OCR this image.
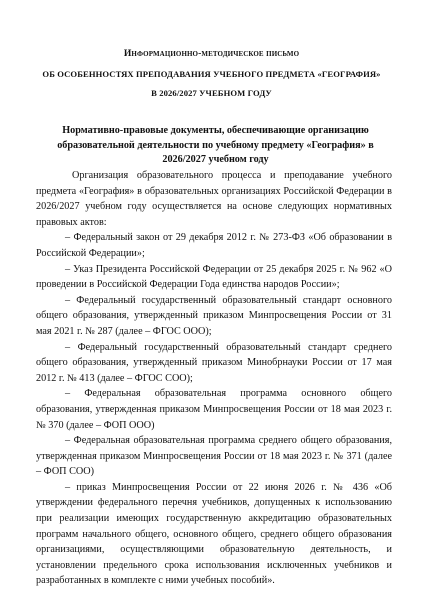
Информационно-методическое письмо
ОБ ОСОБЕННОСТЯХ ПРЕПОДАВАНИЯ УЧЕБНОГО ПРЕДМЕТА «ГЕОГРАФИЯ»
В 2026/2027 УЧЕБНОМ ГОДУ
Нормативно-правовые документы, обеспечивающие организацию образовательной деятельности по учебному предмету «География» в 2026/2027 учебном году

Организация образовательного процесса и преподавание учебного предмета «География» в образовательных организациях Российской Федерации в 2026/2027 учебном году осуществляется на основе следующих нормативных правовых актов:

– Федеральный закон от 29 декабря 2012 г. № 273-ФЗ «Об образовании в Российской Федерации»;

– Указ Президента Российской Федерации от 25 декабря 2025 г. № 962 «О проведении в Российской Федерации Года единства народов России»;

– Федеральный государственный образовательный стандарт основного общего образования, утвержденный приказом Минпросвещения России от 31 мая 2021 г. № 287 (далее – ФГОС ООО);

– Федеральный государственный образовательный стандарт среднего общего образования, утвержденный приказом Минобрнауки России от 17 мая 2012 г. № 413 (далее – ФГОС СОО);

– Федеральная образовательная программа основного общего образования, утвержденная приказом Минпросвещения России от 18 мая 2023 г. № 370 (далее – ФОП ООО)

– Федеральная образовательная программа среднего общего образования, утвержденная приказом Минпросвещения России от 18 мая 2023 г. № 371 (далее – ФОП СОО)

– приказ Минпросвещения России от 22 июня 2026 г. № 436 «Об утверждении федерального перечня учебников, допущенных к использованию при реализации имеющих государственную аккредитацию образовательных программ начального общего, основного общего, среднего общего образования организациями, осуществляющими образовательную деятельность, и установлении предельного срока использования исключенных учебников и разработанных в комплекте с ними учебных пособий».
